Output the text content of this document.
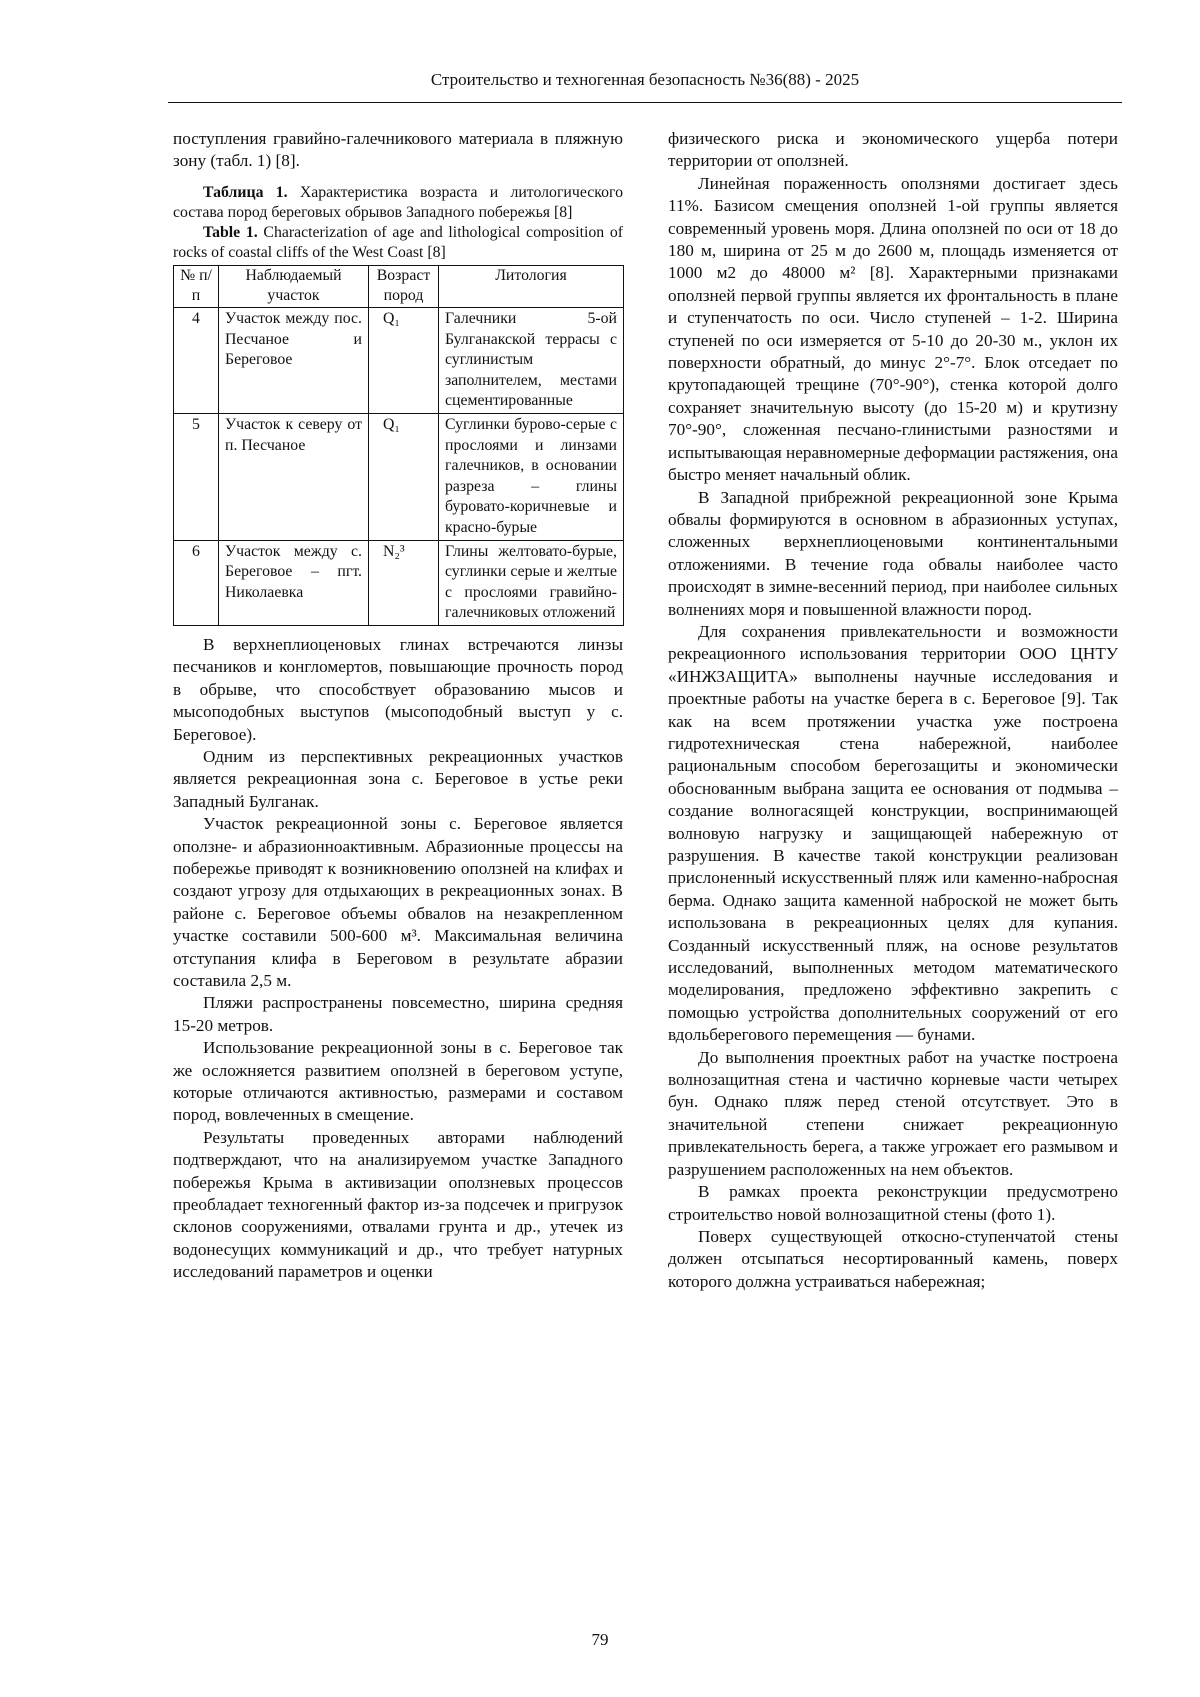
Строительство и техногенная безопасность №36(88) - 2025

поступления гравийно-галечникового материала в пляжную зону (табл. 1) [8].

Таблица 1. Характеристика возраста и литологического состава пород береговых обрывов Западного побережья [8]

Table 1. Characterization of age and lithological composition of rocks of coastal cliffs of the West Coast [8]

№ п/п	Наблюдаемый участок	Возраст пород	Литология
4	Участок между пос. Песчаное и Береговое	Q₁	Галечники 5-ой Булганакской террасы с суглинистым заполнителем, местами сцементированные
5	Участок к северу от п. Песчаное	Q₁	Суглинки бурово-серые с прослоями и линзами галечников, в основании разреза – глины буровато-коричневые и красно-бурые
6	Участок между с. Береговое – пгт. Николаевка	N₂³	Глины желтовато-бурые, суглинки серые и желтые с прослоями гравийно-галечниковых отложений

В верхнеплиоценовых глинах встречаются линзы песчаников и конгломертов, повышающие прочность пород в обрыве, что способствует образованию мысов и мысоподобных выступов (мысоподобный выступ у с. Береговое).

Одним из перспективных рекреационных участков является рекреационная зона с. Береговое в устье реки Западный Булганак.

Участок рекреационной зоны с. Береговое является оползне- и абразионноактивным. Абразионные процессы на побережье приводят к возникновению оползней на клифах и создают угрозу для отдыхающих в рекреационных зонах. В районе с. Береговое объемы обвалов на незакрепленном участке составили 500-600 м³. Максимальная величина отступания клифа в Береговом в результате абразии составила 2,5 м.

Пляжи распространены повсеместно, ширина средняя 15-20 метров.

Использование рекреационной зоны в с. Береговое так же осложняется развитием оползней в береговом уступе, которые отличаются активностью, размерами и составом пород, вовлеченных в смещение.

Результаты проведенных авторами наблюдений подтверждают, что на анализируемом участке Западного побережья Крыма в активизации оползневых процессов преобладает техногенный фактор из-за подсечек и пригрузок склонов сооружениями, отвалами грунта и др., утечек из водонесущих коммуникаций и др., что требует натурных исследований параметров и оценки

физического риска и экономического ущерба потери территории от оползней.

Линейная пораженность оползнями достигает здесь 11%. Базисом смещения оползней 1-ой группы является современный уровень моря. Длина оползней по оси от 18 до 180 м, ширина от 25 м до 2600 м, площадь изменяется от 1000 м2 до 48000 м² [8]. Характерными признаками оползней первой группы является их фронтальность в плане и ступенчатость по оси. Число ступеней – 1-2. Ширина ступеней по оси измеряется от 5-10 до 20-30 м., уклон их поверхности обратный, до минус 2°-7°. Блок отседает по крутопадающей трещине (70°-90°), стенка которой долго сохраняет значительную высоту (до 15-20 м) и крутизну 70°-90°, сложенная песчано-глинистыми разностями и испытывающая неравномерные деформации растяжения, она быстро меняет начальный облик.

В Западной прибрежной рекреационной зоне Крыма обвалы формируются в основном в абразионных уступах, сложенных верхнеплиоценовыми континентальными отложениями. В течение года обвалы наиболее часто происходят в зимне-весенний период, при наиболее сильных волнениях моря и повышенной влажности пород.

Для сохранения привлекательности и возможности рекреационного использования территории ООО ЦНТУ «ИНЖЗАЩИТА» выполнены научные исследования и проектные работы на участке берега в с. Береговое [9]. Так как на всем протяжении участка уже построена гидротехническая стена набережной, наиболее рациональным способом берегозащиты и экономически обоснованным выбрана защита ее основания от подмыва – создание волногасящей конструкции, воспринимающей волновую нагрузку и защищающей набережную от разрушения. В качестве такой конструкции реализован прислоненный искусственный пляж или каменно-набросная берма. Однако защита каменной наброской не может быть использована в рекреационных целях для купания. Созданный искусственный пляж, на основе результатов исследований, выполненных методом математического моделирования, предложено эффективно закрепить с помощью устройства дополнительных сооружений от его вдольберегового перемещения — бунами.

До выполнения проектных работ на участке построена волнозащитная стена и частично корневые части четырех бун. Однако пляж перед стеной отсутствует. Это в значительной степени снижает рекреационную привлекательность берега, а также угрожает его размывом и разрушением расположенных на нем объектов.

В рамках проекта реконструкции предусмотрено строительство новой волнозащитной стены (фото 1).

Поверх существующей откосно-ступенчатой стены должен отсыпаться несортированный камень, поверх которого должна устраиваться набережная;

79
